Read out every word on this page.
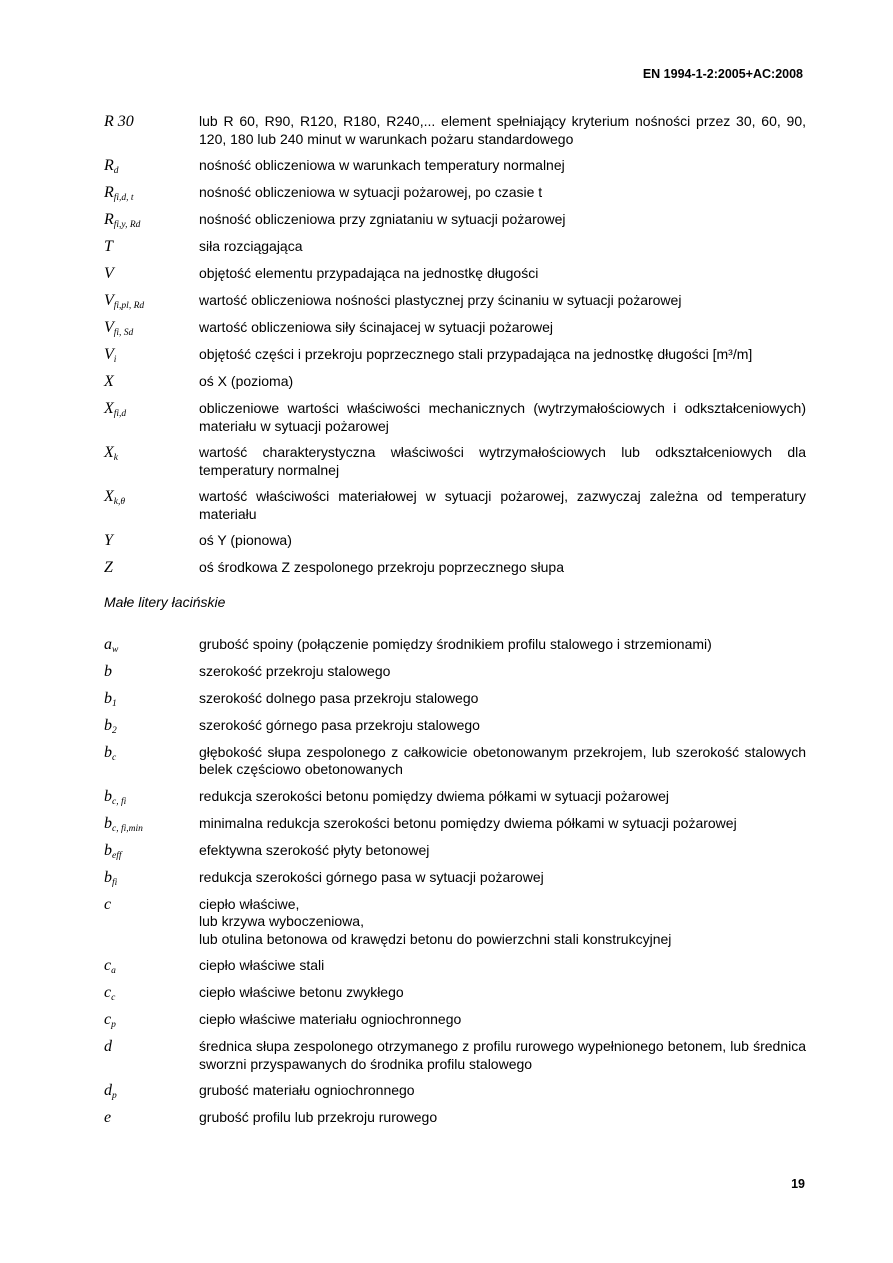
EN 1994-1-2:2005+AC:2008
R 30	lub R 60, R90, R120, R180, R240,... element spełniający kryterium nośności przez 30, 60, 90, 120, 180 lub 240 minut w warunkach pożaru standardowego
$R_d$	nośność obliczeniowa w warunkach temperatury normalnej
$R_{fi,d, t}$	nośność obliczeniowa w sytuacji pożarowej, po czasie t
$R_{fi,y, Rd}$	nośność obliczeniowa przy zgniataniu w sytuacji pożarowej
T	siła rozciągająca
V	objętość elementu przypadająca na jednostkę długości
$V_{fi,pl, Rd}$	wartość obliczeniowa nośności plastycznej przy ścinaniu w sytuacji pożarowej
$V_{fi, Sd}$	wartość obliczeniowa siły ścinajacej w sytuacji pożarowej
$V_i$	objętość części i przekroju poprzecznego stali przypadająca na jednostkę długości [m³/m]
X	oś X (pozioma)
$X_{fi,d}$	obliczeniowe wartości właściwości mechanicznych (wytrzymałościowych i odkształceniowych) materiału w sytuacji pożarowej
$X_k$	wartość charakterystyczna właściwości wytrzymałościowych lub odkształceniowych dla temperatury normalnej
$X_{k,\theta}$	wartość właściwości materiałowej w sytuacji pożarowej, zazwyczaj zależna od temperatury materiału
Y	oś Y (pionowa)
Z	oś środkowa Z zespolonego przekroju poprzecznego słupa
Małe litery łacińskie
$a_w$	grubość spoiny (połączenie pomiędzy środnikiem profilu stalowego i strzemionami)
b	szerokość przekroju stalowego
$b_1$	szerokość dolnego pasa przekroju stalowego
$b_2$	szerokość górnego pasa przekroju stalowego
$b_c$	głębokość słupa zespolonego z całkowicie obetonowanym przekrojem, lub szerokość stalowych belek częściowo obetonowanych
$b_{c, fi}$	redukcja szerokości betonu pomiędzy dwiema półkami w sytuacji pożarowej
$b_{c, fi,min}$	minimalna redukcja szerokości betonu pomiędzy dwiema półkami w sytuacji pożarowej
$b_{eff}$	efektywna szerokość płyty betonowej
$b_{fi}$	redukcja szerokości górnego pasa w sytuacji pożarowej
c	ciepło właściwe,
lub krzywa wyboczeniowa,
lub otulina betonowa od krawędzi betonu do powierzchni stali konstrukcyjnej
$c_a$	ciepło właściwe stali
$c_c$	ciepło właściwe betonu zwykłego
$c_p$	ciepło właściwe materiału ogniochronnego
d	średnica słupa zespolonego otrzymanego z profilu rurowego wypełnionego betonem, lub średnica sworzni przyspawanych do środnika profilu stalowego
$d_p$	grubość materiału ogniochronnego
e	grubość profilu lub przekroju rurowego
19
